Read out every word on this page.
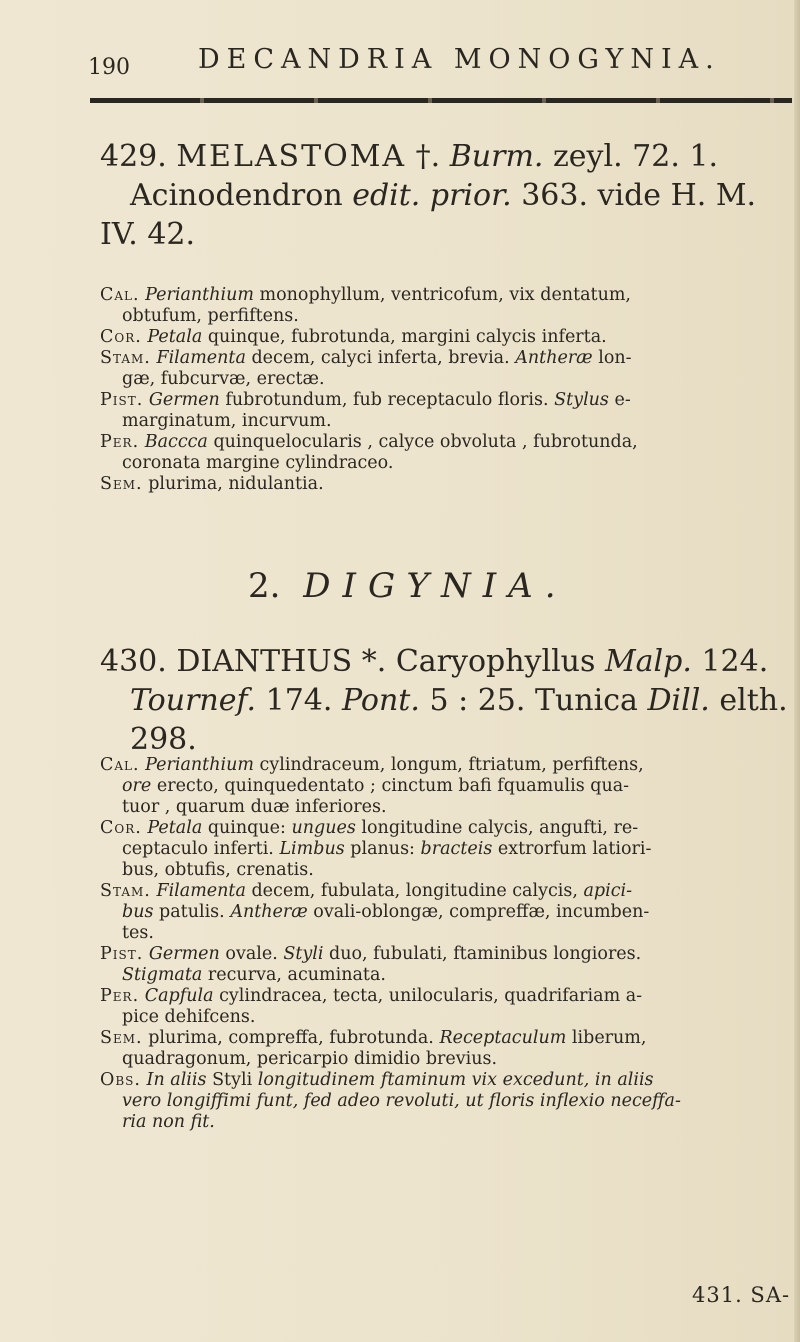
190	DECANDRIA MONOGYNIA.
429. MELASTOMA †. Burm. zeyl. 72. 1.
Acinodendron edit. prior. 363. vide H. M.
IV. 42.
Cal. Perianthium monophyllum, ventricofum, vix dentatum,
obtufum, perfiftens.
Cor. Petala quinque, fubrotunda, margini calycis inferta.
Stam. Filamenta decem, calyci inferta, brevia. Antheræ lon-
gæ, fubcurvæ, erectæ.
Pist. Germen fubrotundum, fub receptaculo floris. Stylus e-
marginatum, incurvum.
Per. Baccca quinquelocularis , calyce obvoluta , fubrotunda,
coronata margine cylindraceo.
Sem. plurima, nidulantia.
2. DIGYNIA.
430. DIANTHUS *. Caryophyllus Malp. 124.
Tournef. 174. Pont. 5 : 25. Tunica Dill. elth.
298.
Cal. Perianthium cylindraceum, longum, ftriatum, perfiftens,
ore erecto, quinquedentato ; cinctum bafi fquamulis qua-
tuor , quarum duæ inferiores.
Cor. Petala quinque: ungues longitudine calycis, angufti, re-
ceptaculo inferti. Limbus planus: bracteis extrorfum latiori-
bus, obtufis, crenatis.
Stam. Filamenta decem, fubulata, longitudine calycis, apici-
bus patulis. Antheræ ovali-oblongæ, compreffæ, incumben-
tes.
Pist. Germen ovale. Styli duo, fubulati, ftaminibus longiores.
Stigmata recurva, acuminata.
Per. Capfula cylindracea, tecta, unilocularis, quadrifariam a-
pice dehifcens.
Sem. plurima, compreffa, fubrotunda. Receptaculum liberum,
quadragonum, pericarpio dimidio brevius.
Obs. In aliis Styli longitudinem ftaminum vix excedunt, in aliis
vero longiffimi funt, fed adeo revoluti, ut floris inflexio neceffa-
ria non fit.
431. SA-
